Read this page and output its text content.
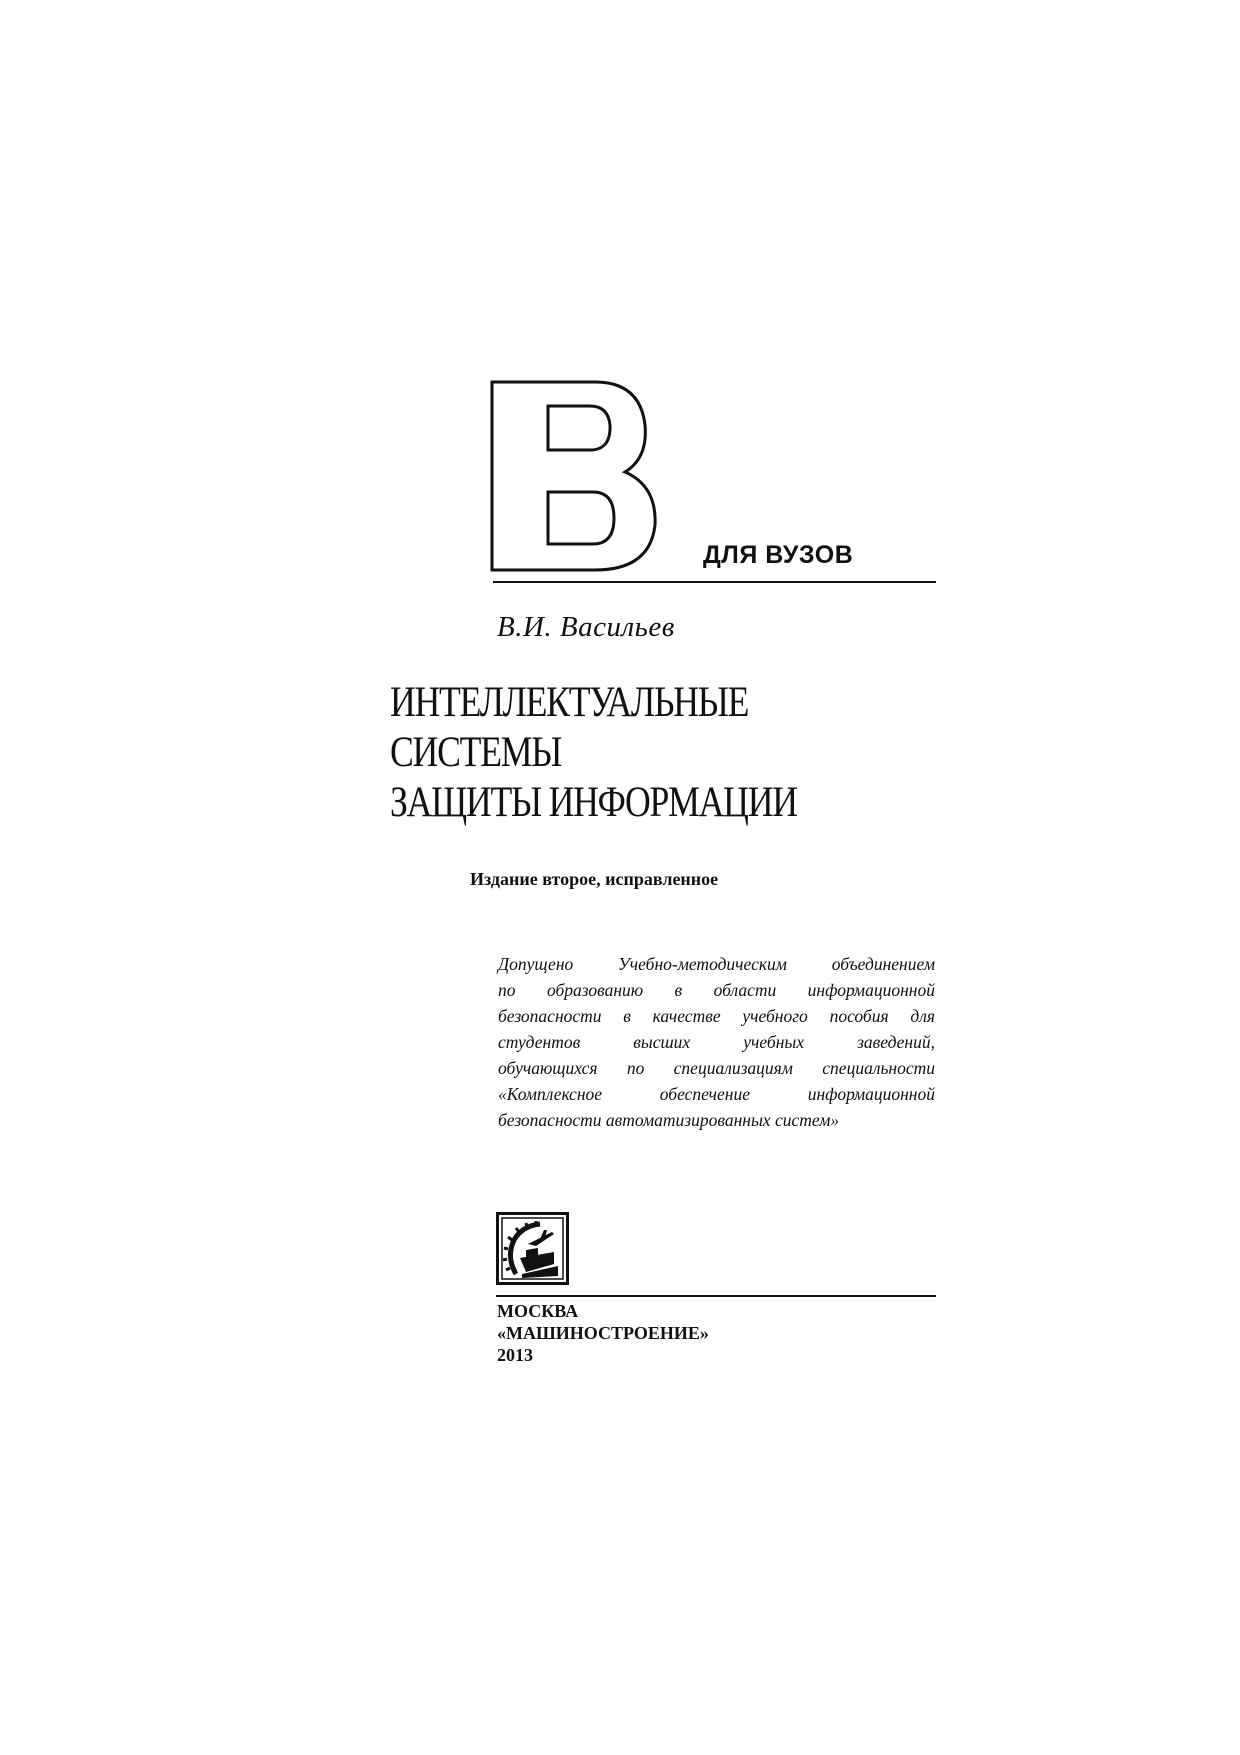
ДЛЯ ВУЗОВ
В.И. Васильев
ИНТЕЛЛЕКТУАЛЬНЫЕ
СИСТЕМЫ
ЗАЩИТЫ ИНФОРМАЦИИ
Издание второе, исправленное
Допущено	Учебно-методическим	объединением
по образованию в области информационной
безопасности в качестве учебного пособия для
студентов	высших	учебных	заведений,
обучающихся по специализациям специальности
«Комплексное	обеспечение	информационной
безопасности автоматизированных систем»
МОСКВА
«МАШИНОСТРОЕНИЕ»
2013
